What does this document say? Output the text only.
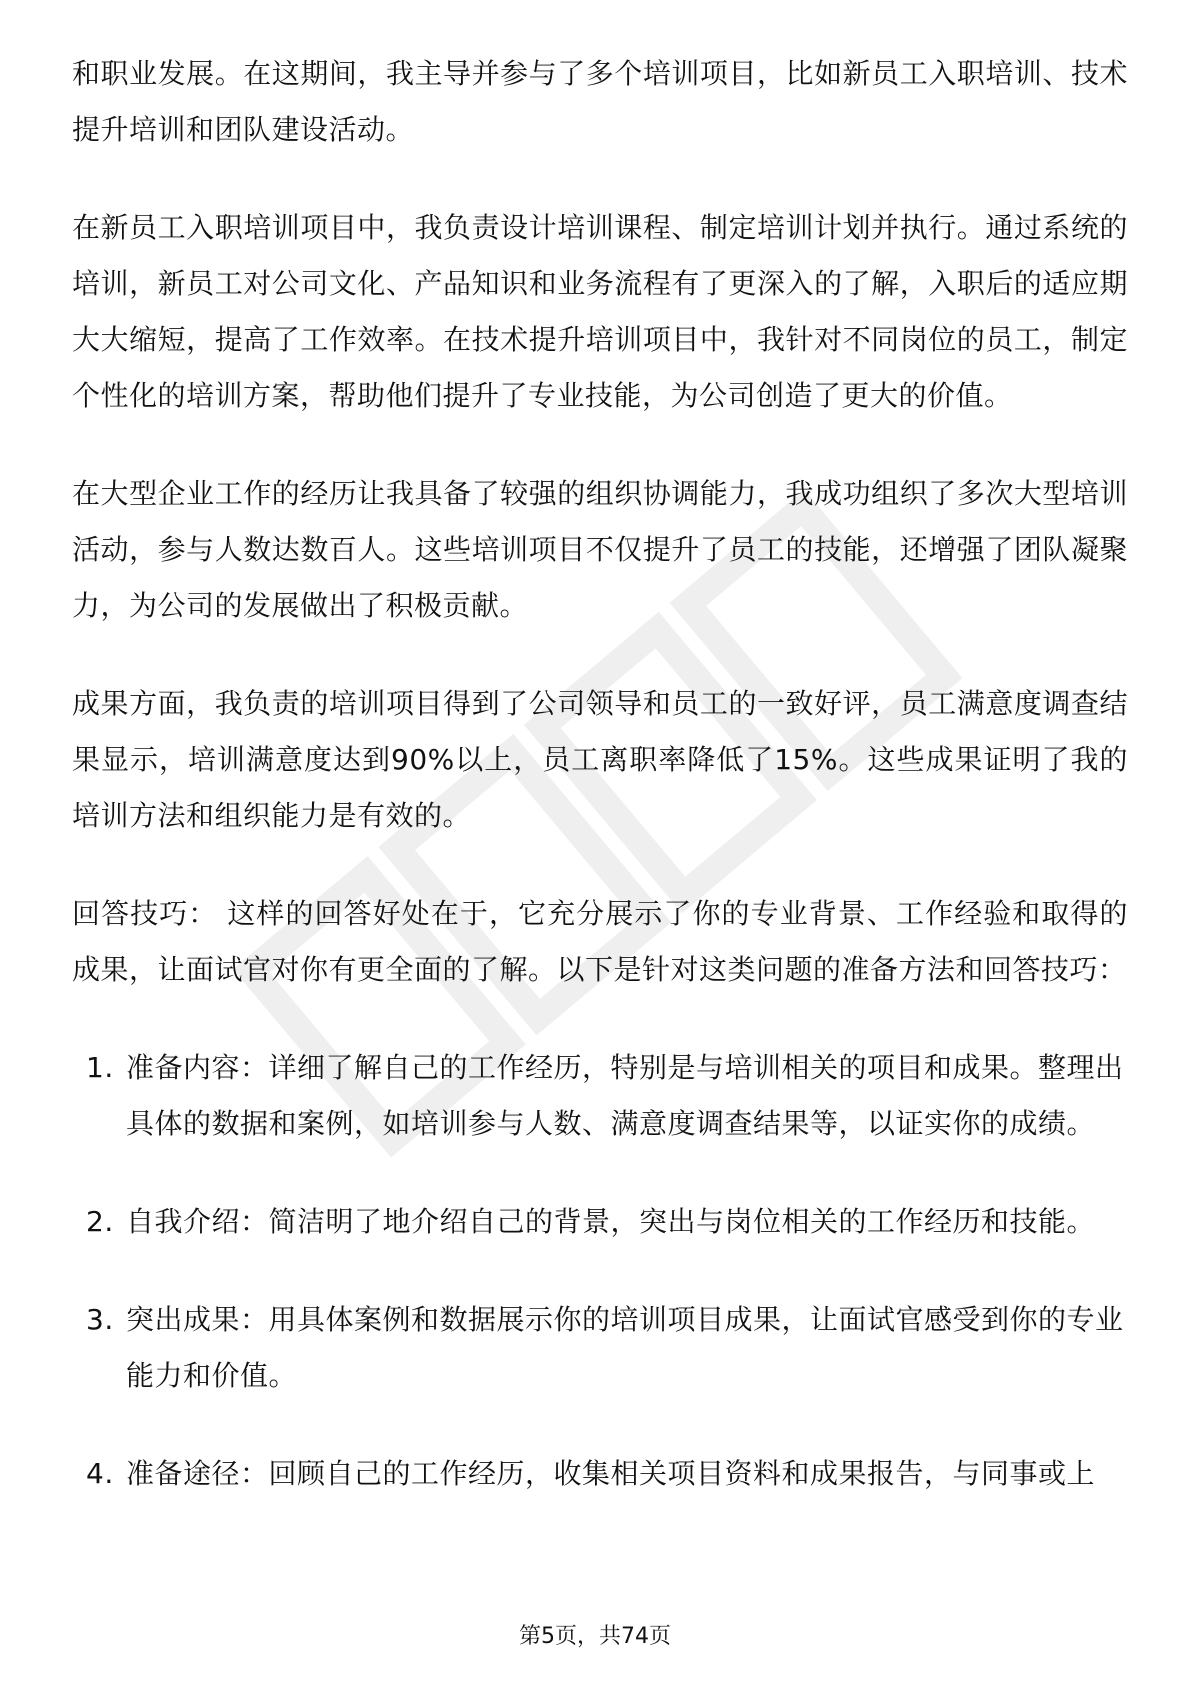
和职业发展。在这期间，我主导并参与了多个培训项目，比如新员工入职培训、技术提升培训和团队建设活动。

在新员工入职培训项目中，我负责设计培训课程、制定培训计划并执行。通过系统的培训，新员工对公司文化、产品知识和业务流程有了更深入的了解，入职后的适应期大大缩短，提高了工作效率。在技术提升培训项目中，我针对不同岗位的员工，制定个性化的培训方案，帮助他们提升了专业技能，为公司创造了更大的价值。

在大型企业工作的经历让我具备了较强的组织协调能力，我成功组织了多次大型培训活动，参与人数达数百人。这些培训项目不仅提升了员工的技能，还增强了团队凝聚力，为公司的发展做出了积极贡献。

成果方面，我负责的培训项目得到了公司领导和员工的一致好评，员工满意度调查结果显示，培训满意度达到90%以上，员工离职率降低了15%。这些成果证明了我的培训方法和组织能力是有效的。

回答技巧： 这样的回答好处在于，它充分展示了你的专业背景、工作经验和取得的成果，让面试官对你有更全面的了解。以下是针对这类问题的准备方法和回答技巧：

1. 准备内容：详细了解自己的工作经历，特别是与培训相关的项目和成果。整理出具体的数据和案例，如培训参与人数、满意度调查结果等，以证实你的成绩。
2. 自我介绍：简洁明了地介绍自己的背景，突出与岗位相关的工作经历和技能。
3. 突出成果：用具体案例和数据展示你的培训项目成果，让面试官感受到你的专业能力和价值。
4. 准备途径：回顾自己的工作经历，收集相关项目资料和成果报告，与同事或上
第5页，共74页
